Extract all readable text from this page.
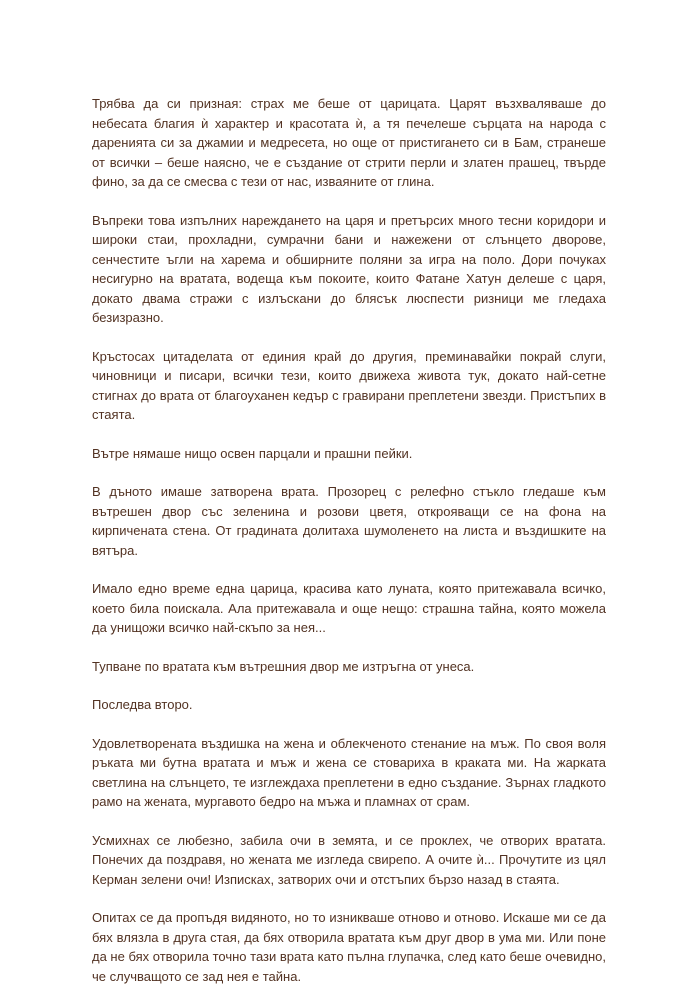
Трябва да си призная: страх ме беше от царицата. Царят възхваляваше до небесата благия ѝ характер и красотата ѝ, а тя печелеше сърцата на народа с даренията си за джамии и медресета, но още от пристигането си в Бам, странеше от всички – беше наясно, че е създание от стрити перли и златен прашец, твърде фино, за да се смесва с тези от нас, изваяните от глина.

Въпреки това изпълних нареждането на царя и претърсих много тесни коридори и широки стаи, прохладни, сумрачни бани и нажежени от слънцето дворове, сенчестите ъгли на харема и обширните поляни за игра на поло. Дори почуках несигурно на вратата, водеща към покоите, които Фатане Хатун делеше с царя, докато двама стражи с излъскани до блясък люспести ризници ме гледаха безизразно.

Кръстосах цитаделата от единия край до другия, преминавайки покрай слуги, чиновници и писари, всички тези, които движеха живота тук, докато най-сетне стигнах до врата от благоуханен кедър с гравирани преплетени звезди. Пристъпих в стаята.

Вътре нямаше нищо освен парцали и прашни пейки.

В дъното имаше затворена врата. Прозорец с релефно стъкло гледаше към вътрешен двор със зеленина и розови цветя, открояващи се на фона на кирпичената стена. От градината долитаха шумоленето на листа и въздишките на вятъра.

Имало едно време една царица, красива като луната, която притежавала всичко, което била поискала. Ала притежавала и още нещо: страшна тайна, която можела да унищожи всичко най-скъпо за нея...

Тупване по вратата към вътрешния двор ме изтръгна от унеса.

Последва второ.

Удовлетворената въздишка на жена и облекченото стенание на мъж. По своя воля ръката ми бутна вратата и мъж и жена се стовариха в краката ми. На жарката светлина на слънцето, те изглеждаха преплетени в едно създание. Зърнах гладкото рамо на жената, мургавото бедро на мъжа и пламнах от срам.

Усмихнах се любезно, забила очи в земята, и се проклех, че отворих вратата. Понечих да поздравя, но жената ме изгледа свирепо. А очите ѝ... Прочутите из цял Керман зелени очи! Изписках, затворих очи и отстъпих бързо назад в стаята.

Опитах се да пропъдя видяното, но то изникваше отново и отново. Искаше ми се да бях влязла в друга стая, да бях отворила вратата към друг двор в ума ми. Или поне да не бях отворила точно тази врата като пълна глупачка, след като беше очевидно, че случващото се зад нея е тайна.
